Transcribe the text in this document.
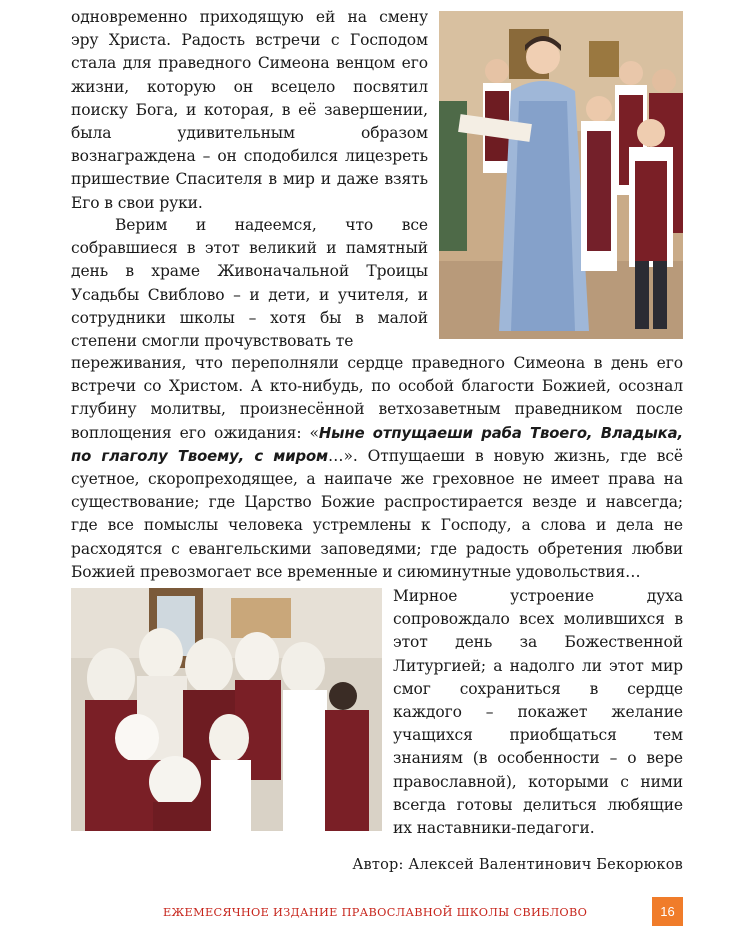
одновременно приходящую ей на смену эру Христа. Радость встречи с Господом стала для праведного Симеона венцом его жизни, которую он всецело посвятил поиску Бога, и которая, в её завершении, была удивительным образом вознаграждена – он сподобился лицезреть пришествие Спасителя в мир и даже взять Его в свои руки.

Верим и надеемся, что все собравшиеся в этот великий и памятный день в храме Живоначальной Троицы Усадьбы Свиблово – и дети, и учителя, и сотрудники школы – хотя бы в малой степени смогли прочувствовать те

переживания, что переполняли сердце праведного Симеона в день его встречи со Христом. А кто-нибудь, по особой благости Божией, осознал глубину молитвы, произнесённой ветхозаветным праведником после воплощения его ожидания: «Ныне отпущаеши раба Твоего, Владыка, по глаголу Твоему, с миром…». Отпущаеши в новую жизнь, где всё суетное, скоропреходящее, а наипаче же греховное не имеет права на существование; где Царство Божие распростирается везде и навсегда; где все помыслы человека устремлены к Господу, а слова и дела не расходятся с евангельскими заповедями; где радость обретения любви Божией превозмогает все временные и сиюминутные удовольствия…

Мирное устроение духа сопровождало всех молившихся в этот день за Божественной Литургией; а надолго ли этот мир смог сохраниться в сердце каждого – покажет желание учащихся приобщаться тем знаниям (в особенности – о вере православной), которыми с ними всегда готовы делиться любящие их наставники-педагоги.

Автор: Алексей Валентинович Бекорюков

ЕЖЕМЕСЯЧНОЕ ИЗДАНИЕ ПРАВОСЛАВНОЙ ШКОЛЫ СВИБЛОВО	16
